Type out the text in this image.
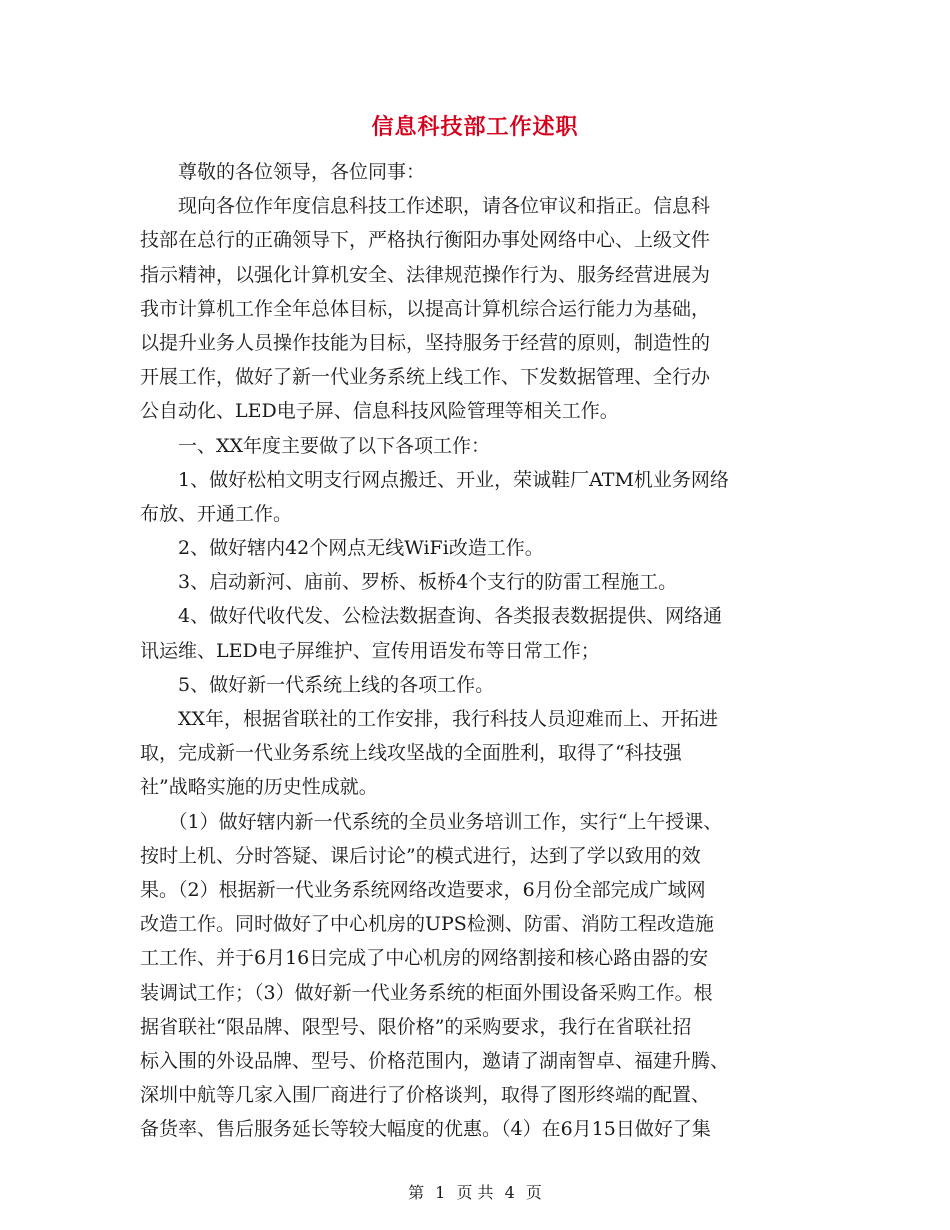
信息科技部工作述职
　　尊敬的各位领导，各位同事：
　　现向各位作年度信息科技工作述职，请各位审议和指正。信息科
技部在总行的正确领导下，严格执行衡阳办事处网络中心、上级文件
指示精神，以强化计算机安全、法律规范操作行为、服务经营进展为
我市计算机工作全年总体目标，以提高计算机综合运行能力为基础，
以提升业务人员操作技能为目标，坚持服务于经营的原则，制造性的
开展工作，做好了新一代业务系统上线工作、下发数据管理、全行办
公自动化、LED电子屏、信息科技风险管理等相关工作。
　　一、XX年度主要做了以下各项工作：
　　1、做好松柏文明支行网点搬迁、开业，荣诚鞋厂ATM机业务网络
布放、开通工作。
　　2、做好辖内42个网点无线WiFi改造工作。
　　3、启动新河、庙前、罗桥、板桥4个支行的防雷工程施工。
　　4、做好代收代发、公检法数据查询、各类报表数据提供、网络通
讯运维、LED电子屏维护、宣传用语发布等日常工作；
　　5、做好新一代系统上线的各项工作。
　　XX年，根据省联社的工作安排，我行科技人员迎难而上、开拓进
取，完成新一代业务系统上线攻坚战的全面胜利，取得了“科技强
社”战略实施的历史性成就。
　　（1）做好辖内新一代系统的全员业务培训工作，实行“上午授课、
按时上机、分时答疑、课后讨论”的模式进行，达到了学以致用的效
果。（2）根据新一代业务系统网络改造要求，6月份全部完成广域网
改造工作。同时做好了中心机房的UPS检测、防雷、消防工程改造施
工工作、并于6月16日完成了中心机房的网络割接和核心路由器的安
装调试工作；（3）做好新一代业务系统的柜面外围设备采购工作。根
据省联社“限品牌、限型号、限价格”的采购要求，我行在省联社招
标入围的外设品牌、型号、价格范围内，邀请了湖南智卓、福建升腾、
深圳中航等几家入围厂商进行了价格谈判，取得了图形终端的配置、
备货率、售后服务延长等较大幅度的优惠。（4）在6月15日做好了集
第 1 页 共 4 页
